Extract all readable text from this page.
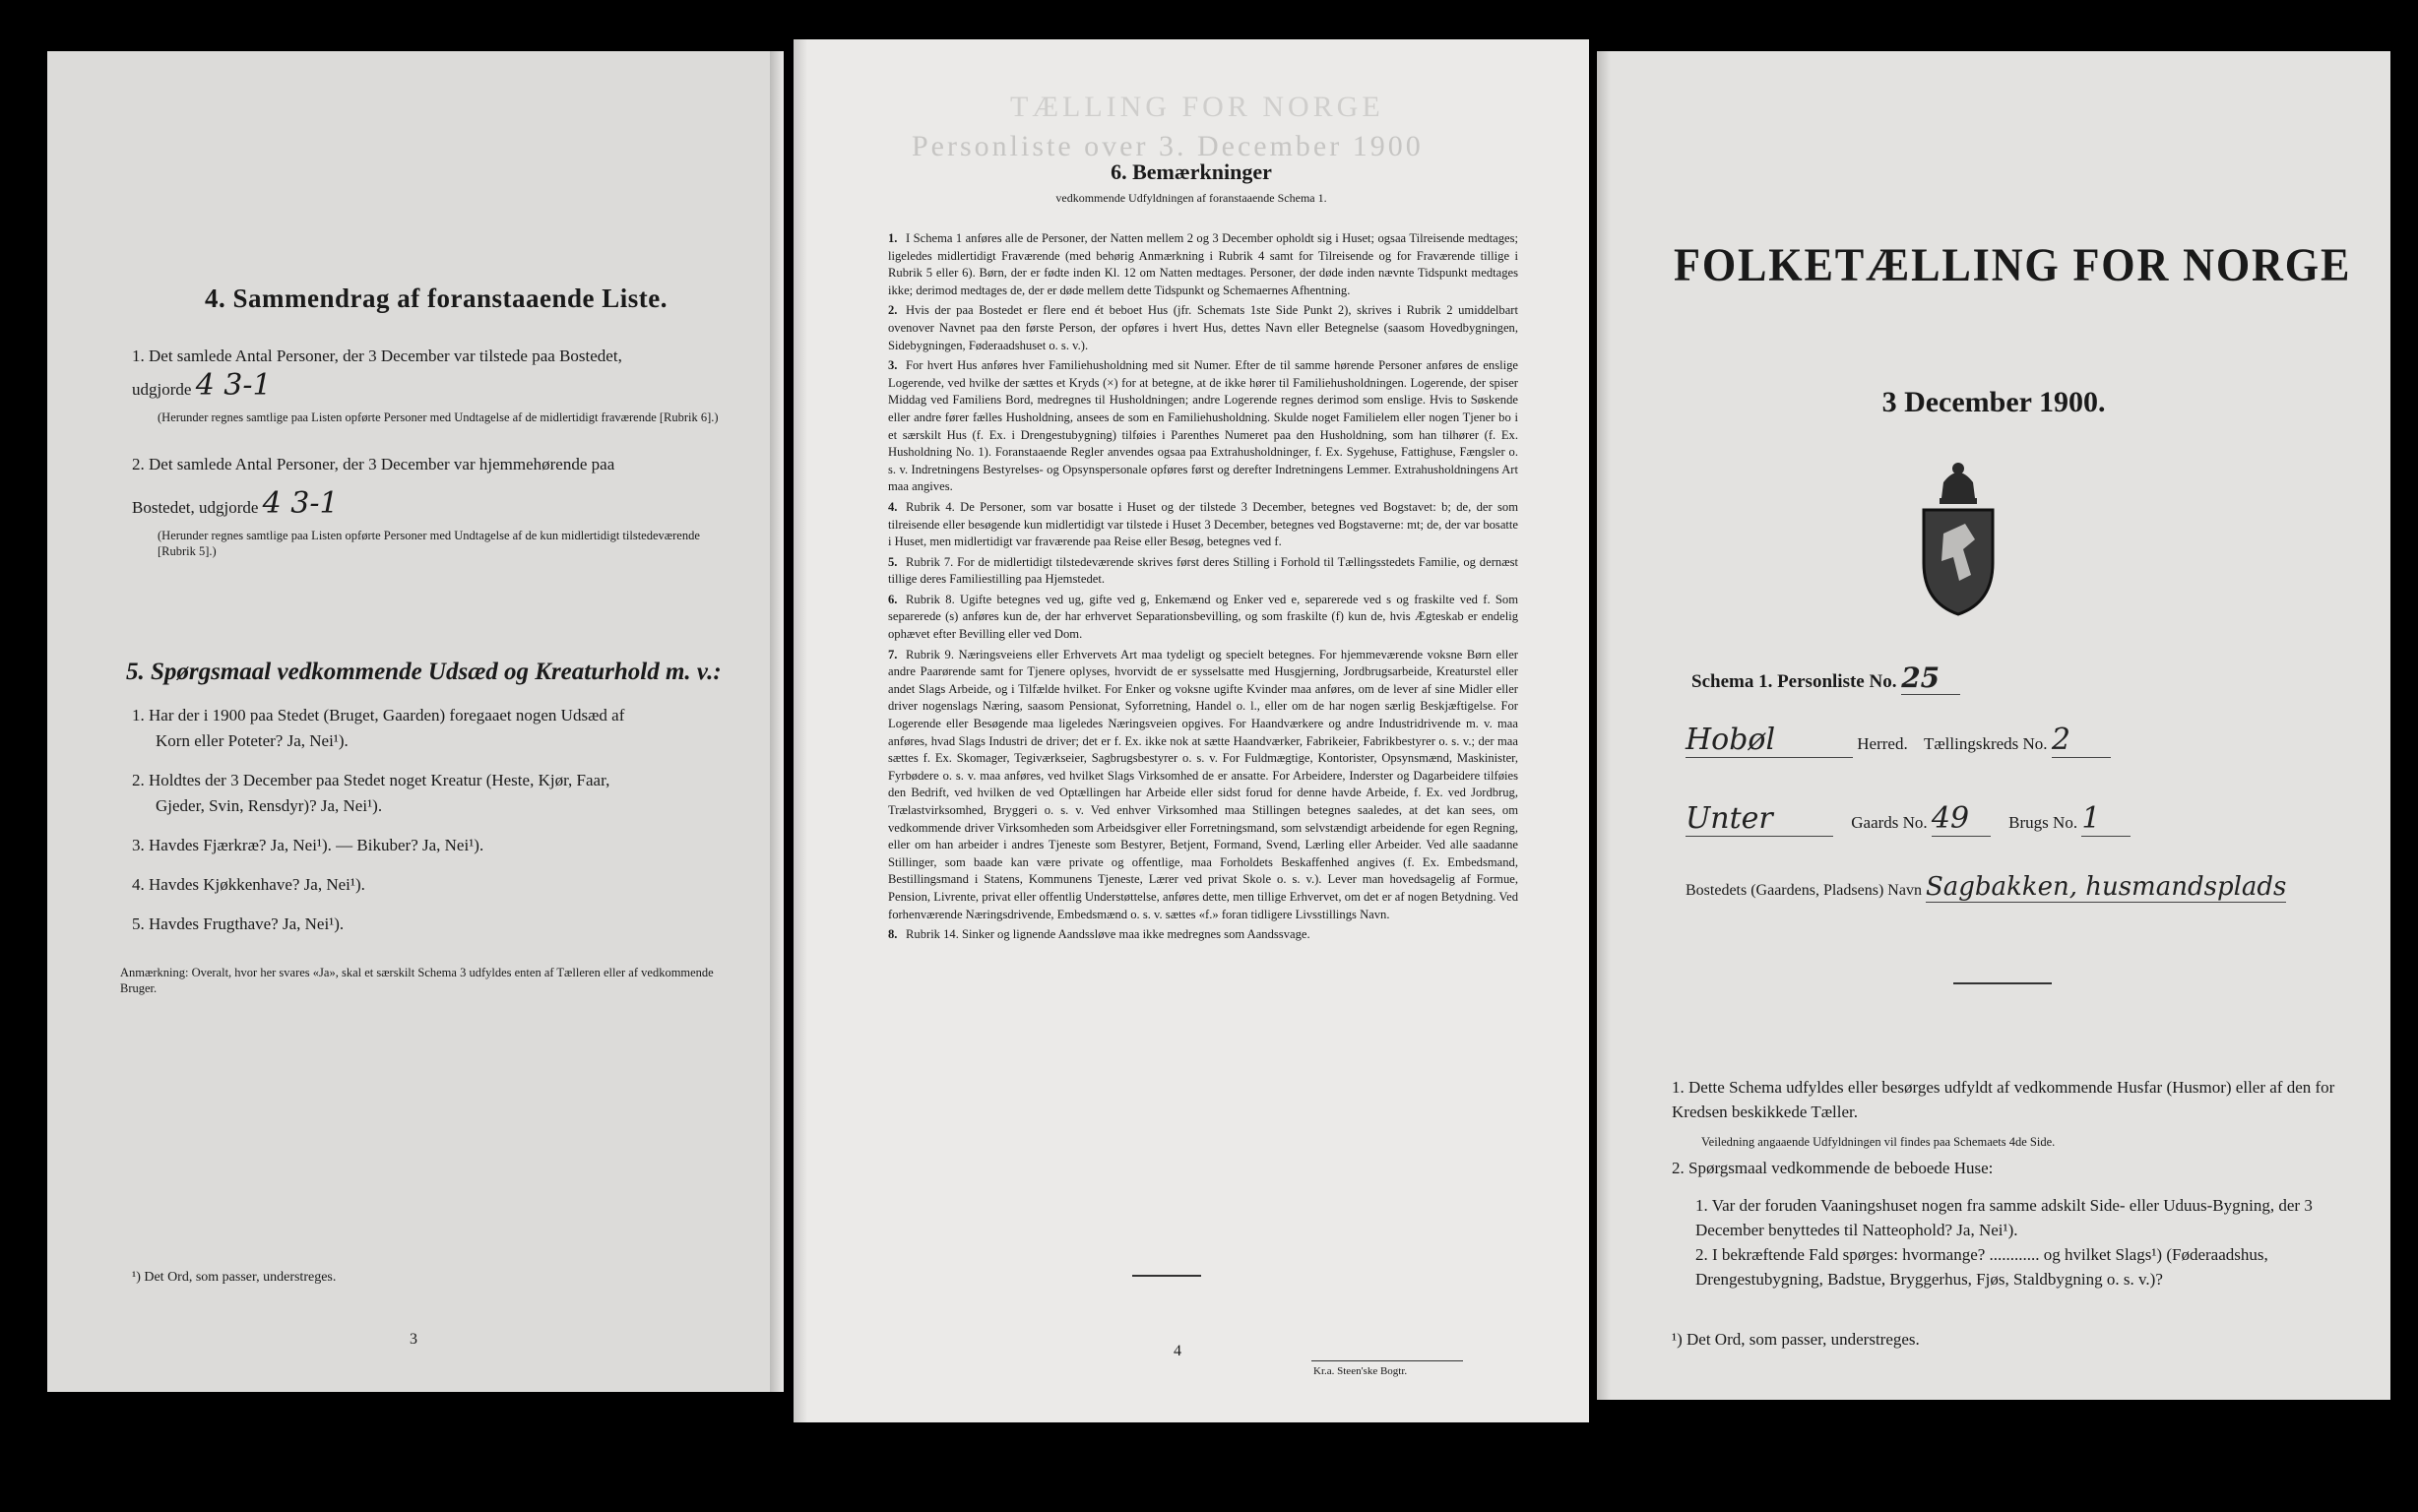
4. Sammendrag af foranstaaende Liste.
1. Det samlede Antal Personer, der 3 December var tilstede paa Bostedet,
udgjorde 4 3-1
(Herunder regnes samtlige paa Listen opførte Personer med Undtagelse af de midlertidigt fraværende [Rubrik 6].)
2. Det samlede Antal Personer, der 3 December var hjemmehørende paa
Bostedet, udgjorde 4 3-1
(Herunder regnes samtlige paa Listen opførte Personer med Undtagelse af de kun midlertidigt tilstedeværende [Rubrik 5].)
5. Spørgsmaal vedkommende Udsæd og Kreaturhold m. v.:
1. Har der i 1900 paa Stedet (Bruget, Gaarden) foregaaet nogen Udsæd af
Korn eller Poteter? Ja, Nei¹).
2. Holdtes der 3 December paa Stedet noget Kreatur (Heste, Kjør, Faar,
Gjeder, Svin, Rensdyr)? Ja, Nei¹).
3. Havdes Fjærkræ? Ja, Nei¹). — Bikuber? Ja, Nei¹).
4. Havdes Kjøkkenhave? Ja, Nei¹).
5. Havdes Frugthave? Ja, Nei¹).
Anmærkning: Overalt, hvor her svares «Ja», skal et særskilt Schema 3 udfyldes enten af Tælleren eller af vedkommende Bruger.
¹) Det Ord, som passer, understreges.
3
TÆLLING FOR NORGE
Personliste over 3. December 1900
6. Bemærkninger
vedkommende Udfyldningen af foranstaaende Schema 1.
1. I Schema 1 anføres alle de Personer, der Natten mellem 2 og 3 December opholdt sig i Huset; ogsaa Tilreisende medtages; ligeledes midlertidigt Fraværende (med behørig Anmærkning i Rubrik 4 samt for Tilreisende og for Fraværende tillige i Rubrik 5 eller 6). Børn, der er fødte inden Kl. 12 om Natten medtages. Personer, der døde inden nævnte Tidspunkt medtages ikke; derimod medtages de, der er døde mellem dette Tidspunkt og Schemaernes Afhentning.
2. Hvis der paa Bostedet er flere end ét beboet Hus (jfr. Schemats 1ste Side Punkt 2), skrives i Rubrik 2 umiddelbart ovenover Navnet paa den første Person, der opføres i hvert Hus, dettes Navn eller Betegnelse (saasom Hovedbygningen, Sidebygningen, Føderaadshuset o. s. v.).
3. For hvert Hus anføres hver Familiehusholdning med sit Numer. Efter de til samme hørende Personer anføres de enslige Logerende, ved hvilke der sættes et Kryds (×) for at betegne, at de ikke hører til Familiehusholdningen. Logerende, der spiser Middag ved Familiens Bord, medregnes til Husholdningen; andre Logerende regnes derimod som enslige. Hvis to Søskende eller andre fører fælles Husholdning, ansees de som en Familiehusholdning. Skulde noget Familielem eller nogen Tjener bo i et særskilt Hus (f. Ex. i Drengestubygning) tilføies i Parenthes Numeret paa den Husholdning, som han tilhører (f. Ex. Husholdning No. 1). Foranstaaende Regler anvendes ogsaa paa Extrahusholdninger, f. Ex. Sygehuse, Fattighuse, Fængsler o. s. v. Indretningens Bestyrelses- og Opsynspersonale opføres først og derefter Indretningens Lemmer. Extrahusholdningens Art maa angives.
4. Rubrik 4. De Personer, som var bosatte i Huset og der tilstede 3 December, betegnes ved Bogstavet: b; de, der som tilreisende eller besøgende kun midlertidigt var tilstede i Huset 3 December, betegnes ved Bogstaverne: mt; de, der var bosatte i Huset, men midlertidigt var fraværende paa Reise eller Besøg, betegnes ved f.
5. Rubrik 7. For de midlertidigt tilstedeværende skrives først deres Stilling i Forhold til Tællingsstedets Familie, og dernæst tillige deres Familiestilling paa Hjemstedet.
6. Rubrik 8. Ugifte betegnes ved ug, gifte ved g, Enkemænd og Enker ved e, separerede ved s og fraskilte ved f. Som separerede (s) anføres kun de, der har erhvervet Separationsbevilling, og som fraskilte (f) kun de, hvis Ægteskab er endelig ophævet efter Bevilling eller ved Dom.
7. Rubrik 9. Næringsveiens eller Erhvervets Art maa tydeligt og specielt betegnes. For hjemmeværende voksne Børn eller andre Paarørende samt for Tjenere oplyses, hvorvidt de er sysselsatte med Husgjerning, Jordbrugsarbeide, Kreaturstel eller andet Slags Arbeide, og i Tilfælde hvilket. For Enker og voksne ugifte Kvinder maa anføres, om de lever af sine Midler eller driver nogenslags Næring, saasom Pensionat, Syforretning, Handel o. l., eller om de har nogen særlig Beskjæftigelse. For Logerende eller Besøgende maa ligeledes Næringsveien opgives. For Haandværkere og andre Industridrivende m. v. maa anføres, hvad Slags Industri de driver; det er f. Ex. ikke nok at sætte Haandværker, Fabrikeier, Fabrikbestyrer o. s. v.; der maa sættes f. Ex. Skomager, Tegiværkseier, Sagbrugsbestyrer o. s. v. For Fuldmægtige, Kontorister, Opsynsmænd, Maskinister, Fyrbødere o. s. v. maa anføres, ved hvilket Slags Virksomhed de er ansatte. For Arbeidere, Inderster og Dagarbeidere tilføies den Bedrift, ved hvilken de ved Optællingen har Arbeide eller sidst forud for denne havde Arbeide, f. Ex. ved Jordbrug, Trælastvirksomhed, Bryggeri o. s. v. Ved enhver Virksomhed maa Stillingen betegnes saaledes, at det kan sees, om vedkommende driver Virksomheden som Arbeidsgiver eller Forretningsmand, som selvstændigt arbeidende for egen Regning, eller om han arbeider i andres Tjeneste som Bestyrer, Betjent, Formand, Svend, Lærling eller Arbeider. Ved alle saadanne Stillinger, som baade kan være private og offentlige, maa Forholdets Beskaffenhed angives (f. Ex. Embedsmand, Bestillingsmand i Statens, Kommunens Tjeneste, Lærer ved privat Skole o. s. v.). Lever man hovedsagelig af Formue, Pension, Livrente, privat eller offentlig Understøttelse, anføres dette, men tillige Erhvervet, om det er af nogen Betydning. Ved forhenværende Næringsdrivende, Embedsmænd o. s. v. sættes «f.» foran tidligere Livsstillings Navn.
8. Rubrik 14. Sinker og lignende Aandssløve maa ikke medregnes som Aandssvage.
4
Kr.a. Steen'ske Bogtr.
FOLKETÆLLING FOR NORGE
3 December 1900.
Schema 1. Personliste No. 25
Hobøl	Herred. Tællingskreds No. 2
Unter	Gaards No. 49 Brugs No. 1
Bostedets (Gaardens, Pladsens) Navn Sagbakken, husmandsplads
1. Dette Schema udfyldes eller besørges udfyldt af vedkommende Husfar (Husmor) eller af den for Kredsen beskikkede Tæller.
Veiledning angaaende Udfyldningen vil findes paa Schemaets 4de Side.
2. Spørgsmaal vedkommende de beboede Huse:
1. Var der foruden Vaaningshuset nogen fra samme adskilt Side- eller Uduus-Bygning, der 3 December benyttedes til Natteophold? Ja, Nei¹).
2. I bekræftende Fald spørges: hvormange? ............ og hvilket Slags¹) (Føderaadshus, Drengestubygning, Badstue, Bryggerhus, Fjøs, Staldbygning o. s. v.)?
¹) Det Ord, som passer, understreges.
